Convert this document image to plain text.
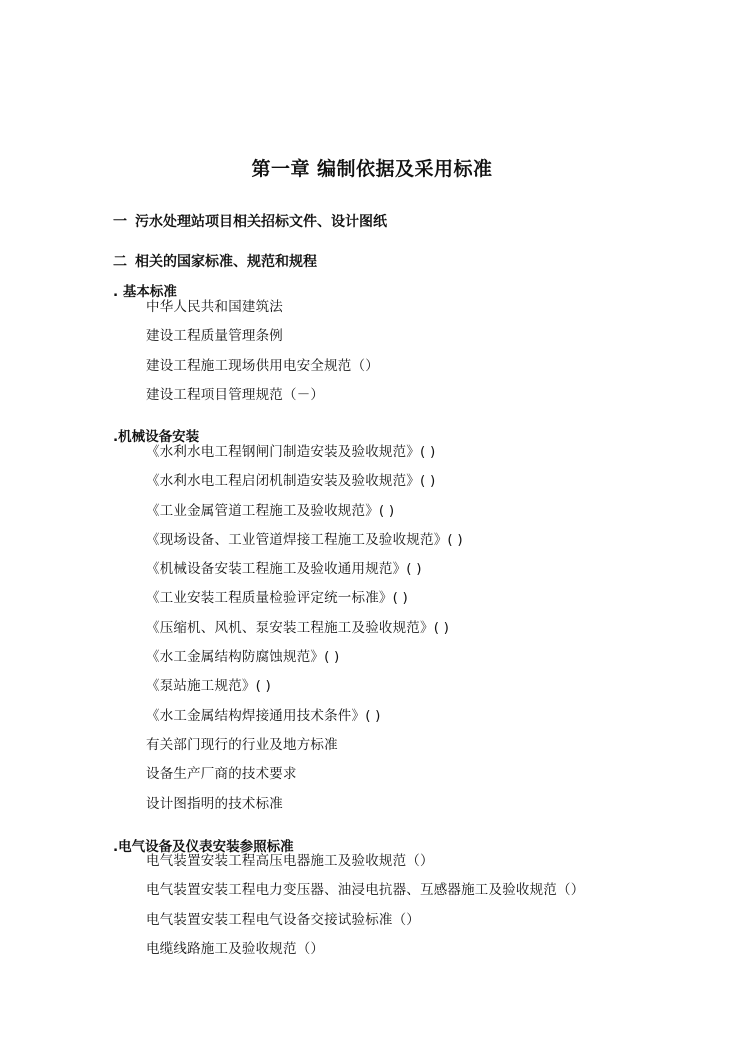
第一章 编制依据及采用标准
一 污水处理站项目相关招标文件、设计图纸
二 相关的国家标准、规范和规程
. 基本标准
中华人民共和国建筑法
建设工程质量管理条例
建设工程施工现场供用电安全规范（）
建设工程项目管理规范（－）
.机械设备安装
《水利水电工程钢闸门制造安装及验收规范》( )
《水利水电工程启闭机制造安装及验收规范》( )
《工业金属管道工程施工及验收规范》( )
《现场设备、工业管道焊接工程施工及验收规范》( )
《机械设备安装工程施工及验收通用规范》( )
《工业安装工程质量检验评定统一标准》( )
《压缩机、风机、泵安装工程施工及验收规范》( )
《水工金属结构防腐蚀规范》( )
《泵站施工规范》( )
《水工金属结构焊接通用技术条件》( )
有关部门现行的行业及地方标准
设备生产厂商的技术要求
设计图指明的技术标准
.电气设备及仪表安装参照标准
电气装置安装工程高压电器施工及验收规范（）
电气装置安装工程电力变压器、油浸电抗器、互感器施工及验收规范（）
电气装置安装工程电气设备交接试验标准（）
电缆线路施工及验收规范（）
